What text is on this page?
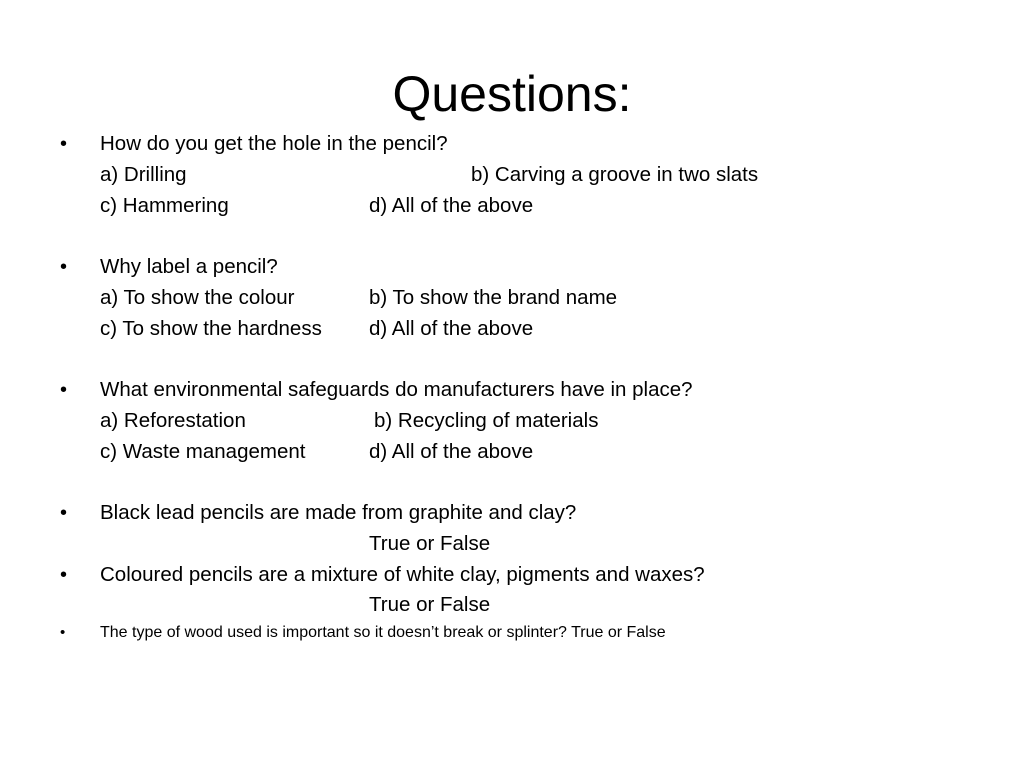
Questions:
• How do you get the hole in the pencil?
a) Drilling	b) Carving a groove in two slats
c) Hammering	d) All of the above
• Why label a pencil?
a) To show the colour	b) To show the brand name
c) To show the hardness d) All of the above
• What environmental safeguards do manufacturers have in place?
a) Reforestation	b) Recycling of materials
c) Waste management	d) All of the above
• Black lead pencils are made from graphite and clay?
True or False
• Coloured pencils are a mixture of white clay, pigments and waxes?
True or False
• The type of wood used is important so it doesn’t break or splinter? True or False
